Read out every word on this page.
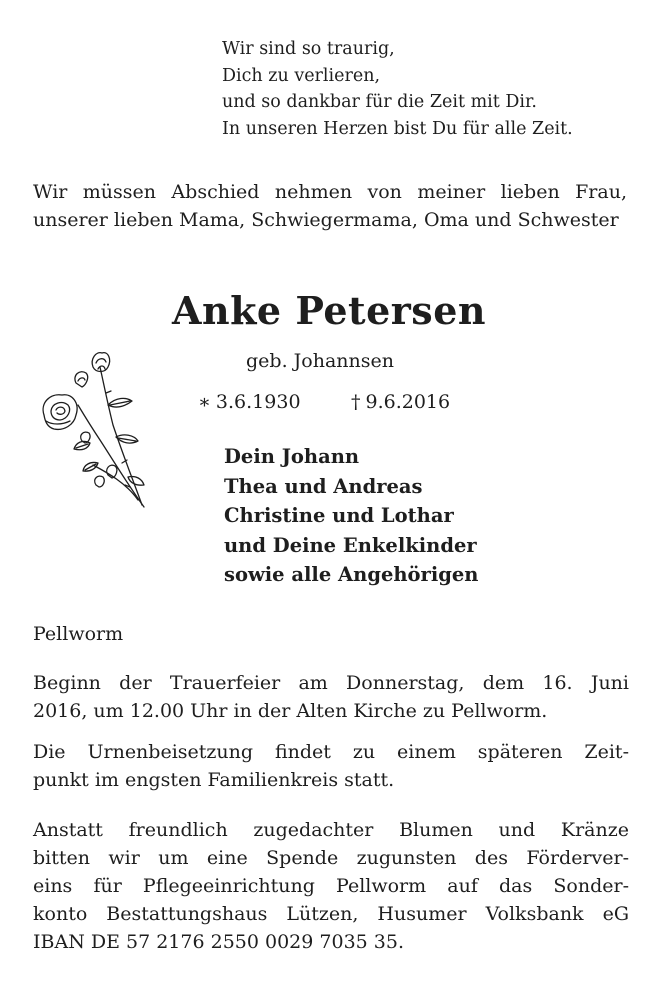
Wir sind so traurig,
Dich zu verlieren,
und so dankbar für die Zeit mit Dir.
In unseren Herzen bist Du für alle Zeit.
Wir müssen Abschied nehmen von meiner lieben Frau, unserer lieben Mama, Schwiegermama, Oma und Schwester
Anke Petersen
geb. Johannsen
∗ 3.6.1930	† 9.6.2016
Dein Johann
Thea und Andreas
Christine und Lothar
und Deine Enkelkinder
sowie alle Angehörigen
Pellworm
Beginn der Trauerfeier am Donnerstag, dem 16. Juni
2016, um 12.00 Uhr in der Alten Kirche zu Pellworm.
Die Urnenbeisetzung findet zu einem späteren Zeit-
punkt im engsten Familienkreis statt.
Anstatt freundlich zugedachter Blumen und Kränze
bitten wir um eine Spende zugunsten des Förderver-
eins für Pflegeeinrichtung Pellworm auf das Sonder-
konto Bestattungshaus Lützen, Husumer Volksbank eG
IBAN DE 57 2176 2550 0029 7035 35.
